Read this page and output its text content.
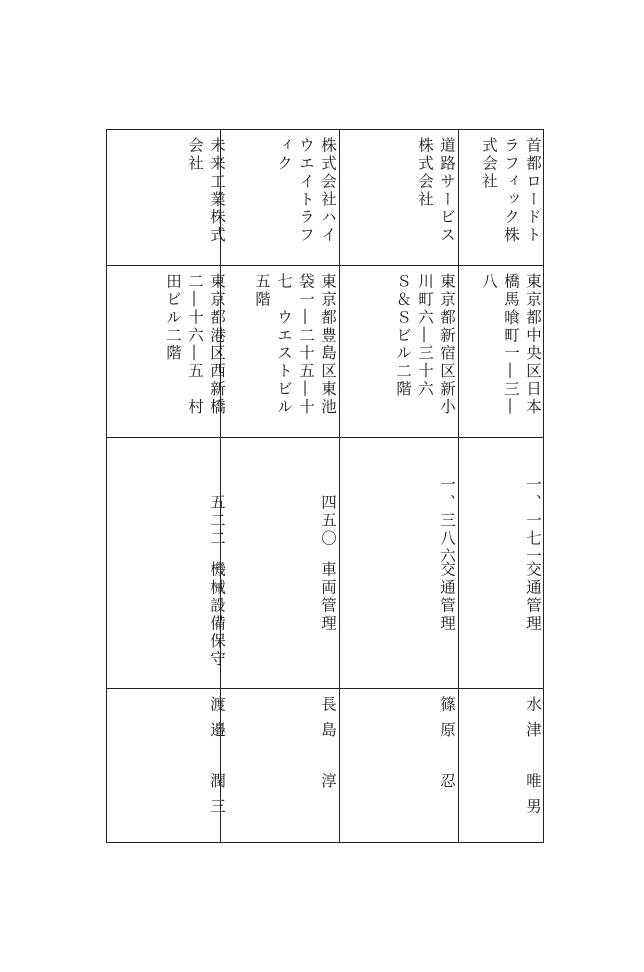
首都ロードトラフィック株式会社
東京都中央区日本橋馬喰町一―三―八
一、一七一
交通管理
水津　唯男
道路サービス株式会社
東京都新宿区新小川町六―三十六　Ｓ＆Ｓビル二階
一、三八六
交通管理
篠原　忍
株式会社ハイウエイトラフィク
東京都豊島区東池袋一―二十五―十七　ウエストビル五階
四五〇
車両管理
長島　淳
未来工業株式会社
東京都港区西新橋二―十六―五　村田ビル二階
五二二
機械設備保守
渡邉　潤三
